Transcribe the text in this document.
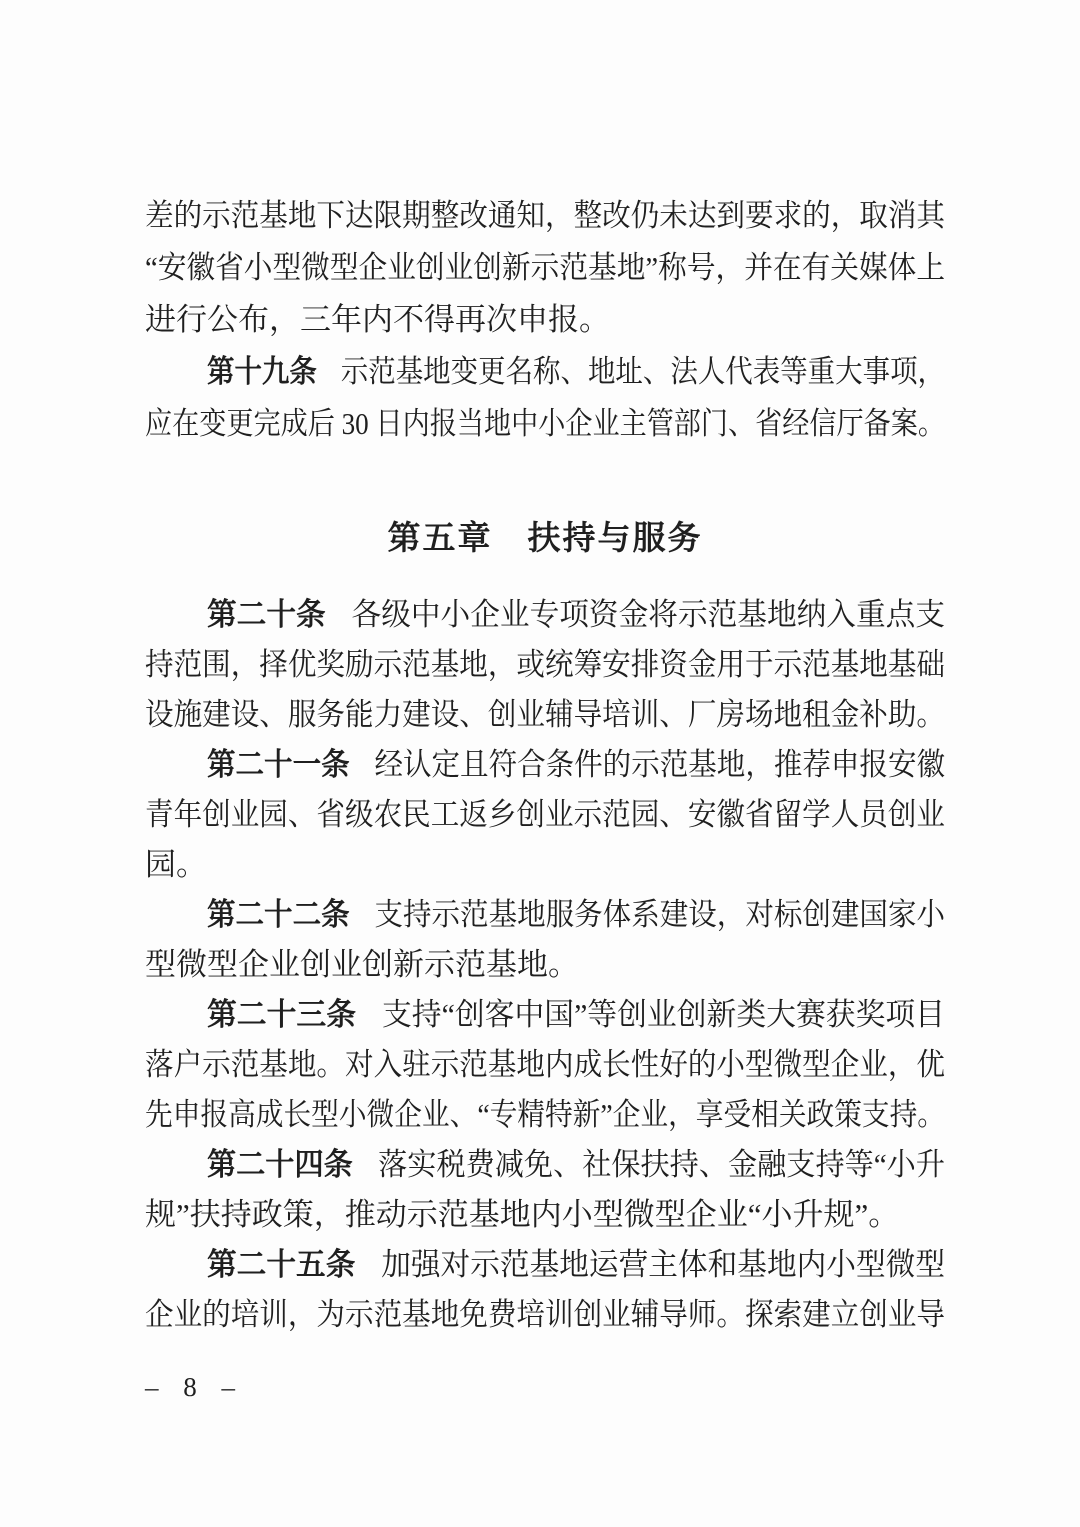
差的示范基地下达限期整改通知，整改仍未达到要求的，取消其
“安徽省小型微型企业创业创新示范基地”称号，并在有关媒体上
进行公布，三年内不得再次申报。
第十九条 示范基地变更名称、地址、法人代表等重大事项，
应在变更完成后 30 日内报当地中小企业主管部门、省经信厅备案。
第五章　扶持与服务
第二十条 各级中小企业专项资金将示范基地纳入重点支
持范围，择优奖励示范基地，或统筹安排资金用于示范基地基础
设施建设、服务能力建设、创业辅导培训、厂房场地租金补助。
第二十一条 经认定且符合条件的示范基地，推荐申报安徽
青年创业园、省级农民工返乡创业示范园、安徽省留学人员创业
园。
第二十二条 支持示范基地服务体系建设，对标创建国家小
型微型企业创业创新示范基地。
第二十三条 支持“创客中国”等创业创新类大赛获奖项目
落户示范基地。对入驻示范基地内成长性好的小型微型企业，优
先申报高成长型小微企业、“专精特新”企业，享受相关政策支持。
第二十四条 落实税费减免、社保扶持、金融支持等“小升
规”扶持政策，推动示范基地内小型微型企业“小升规”。
第二十五条 加强对示范基地运营主体和基地内小型微型
企业的培训，为示范基地免费培训创业辅导师。探索建立创业导
– 8 –
